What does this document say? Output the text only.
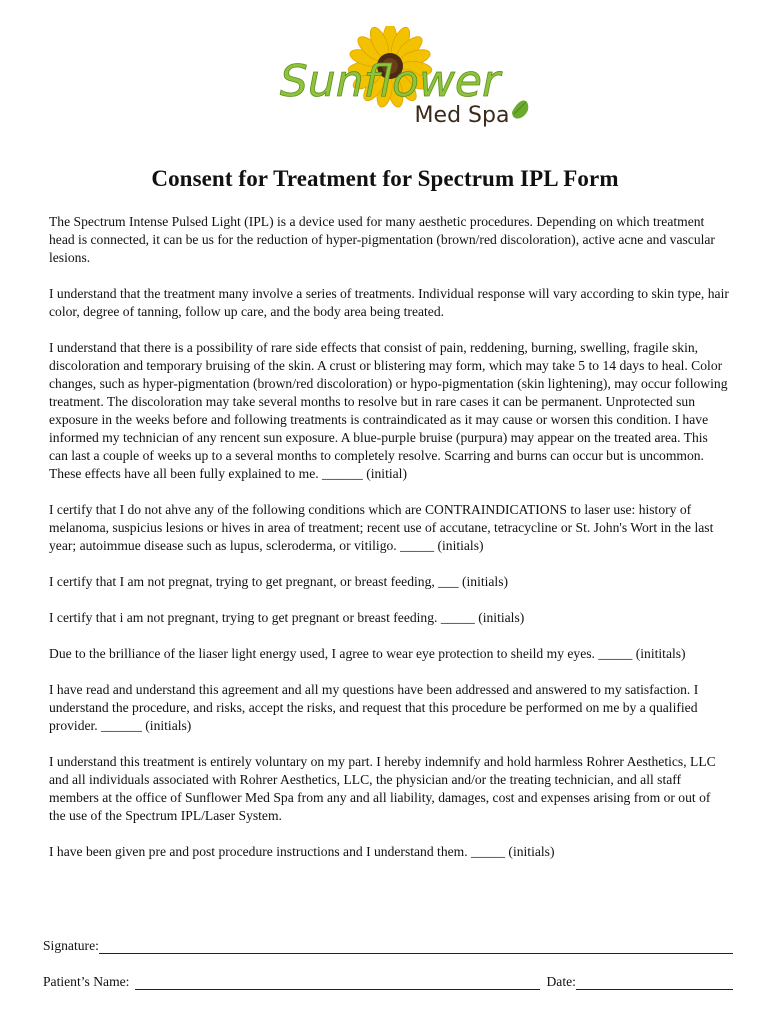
Sunflower
Med Spa
Consent for Treatment for Spectrum IPL Form

The Spectrum Intense Pulsed Light (IPL) is a device used for many aesthetic procedures. Depending on which treatment head is connected, it can be us for the reduction of hyper-pigmentation (brown/red discoloration), active acne and vascular lesions.

I understand that the treatment many involve a series of treatments. Individual response will vary according to skin type, hair color, degree of tanning, follow up care, and the body area being treated.

I understand that there is a possibility of rare side effects that consist of pain, reddening, burning, swelling, fragile skin, discoloration and temporary bruising of the skin. A crust or blistering may form, which may take 5 to 14 days to heal. Color changes, such as hyper-pigmentation (brown/red discoloration) or hypo-pigmentation (skin lightening), may occur following treatment. The discoloration may take several months to resolve but in rare cases it can be permanent. Unprotected sun exposure in the weeks before and following treatments is contraindicated as it may cause or worsen this condition. I have informed my technician of any rencent sun exposure. A blue-purple bruise (purpura) may appear on the treated area. This can last a couple of weeks up to a several months to completely resolve. Scarring and burns can occur but is uncommon. These effects have all been fully explained to me. ______ (initial)

I certify that I do not ahve any of the following conditions which are CONTRAINDICATIONS to laser use: history of melanoma, suspicius lesions or hives in area of treatment; recent use of accutane, tetracycline or St. John's Wort in the last year; autoimmue disease such as lupus, scleroderma, or vitiligo. _____ (initials)

I certify that I am not pregnat, trying to get pregnant, or breast feeding, ___ (initials)

I certify that i am not pregnant, trying to get pregnant or breast feeding. _____ (initials)

Due to the brilliance of the liaser light energy used, I agree to wear eye protection to sheild my eyes. _____ (inititals)

I have read and understand this agreement and all my questions have been addressed and answered to my satisfaction. I understand the procedure, and risks, accept the risks, and request that this procedure be performed on me by a qualified provider. ______ (initials)

I understand this treatment is entirely voluntary on my part. I hereby indemnify and hold harmless Rohrer Aesthetics, LLC and all individuals associated with Rohrer Aesthetics, LLC, the physician and/or the treating technician, and all staff members at the office of Sunflower Med Spa from any and all liability, damages, cost and expenses arising from or out of the use of the Spectrum IPL/Laser System.

I have been given pre and post procedure instructions and I understand them. _____ (initials)

Signature:
Patient’s Name:	Date:
